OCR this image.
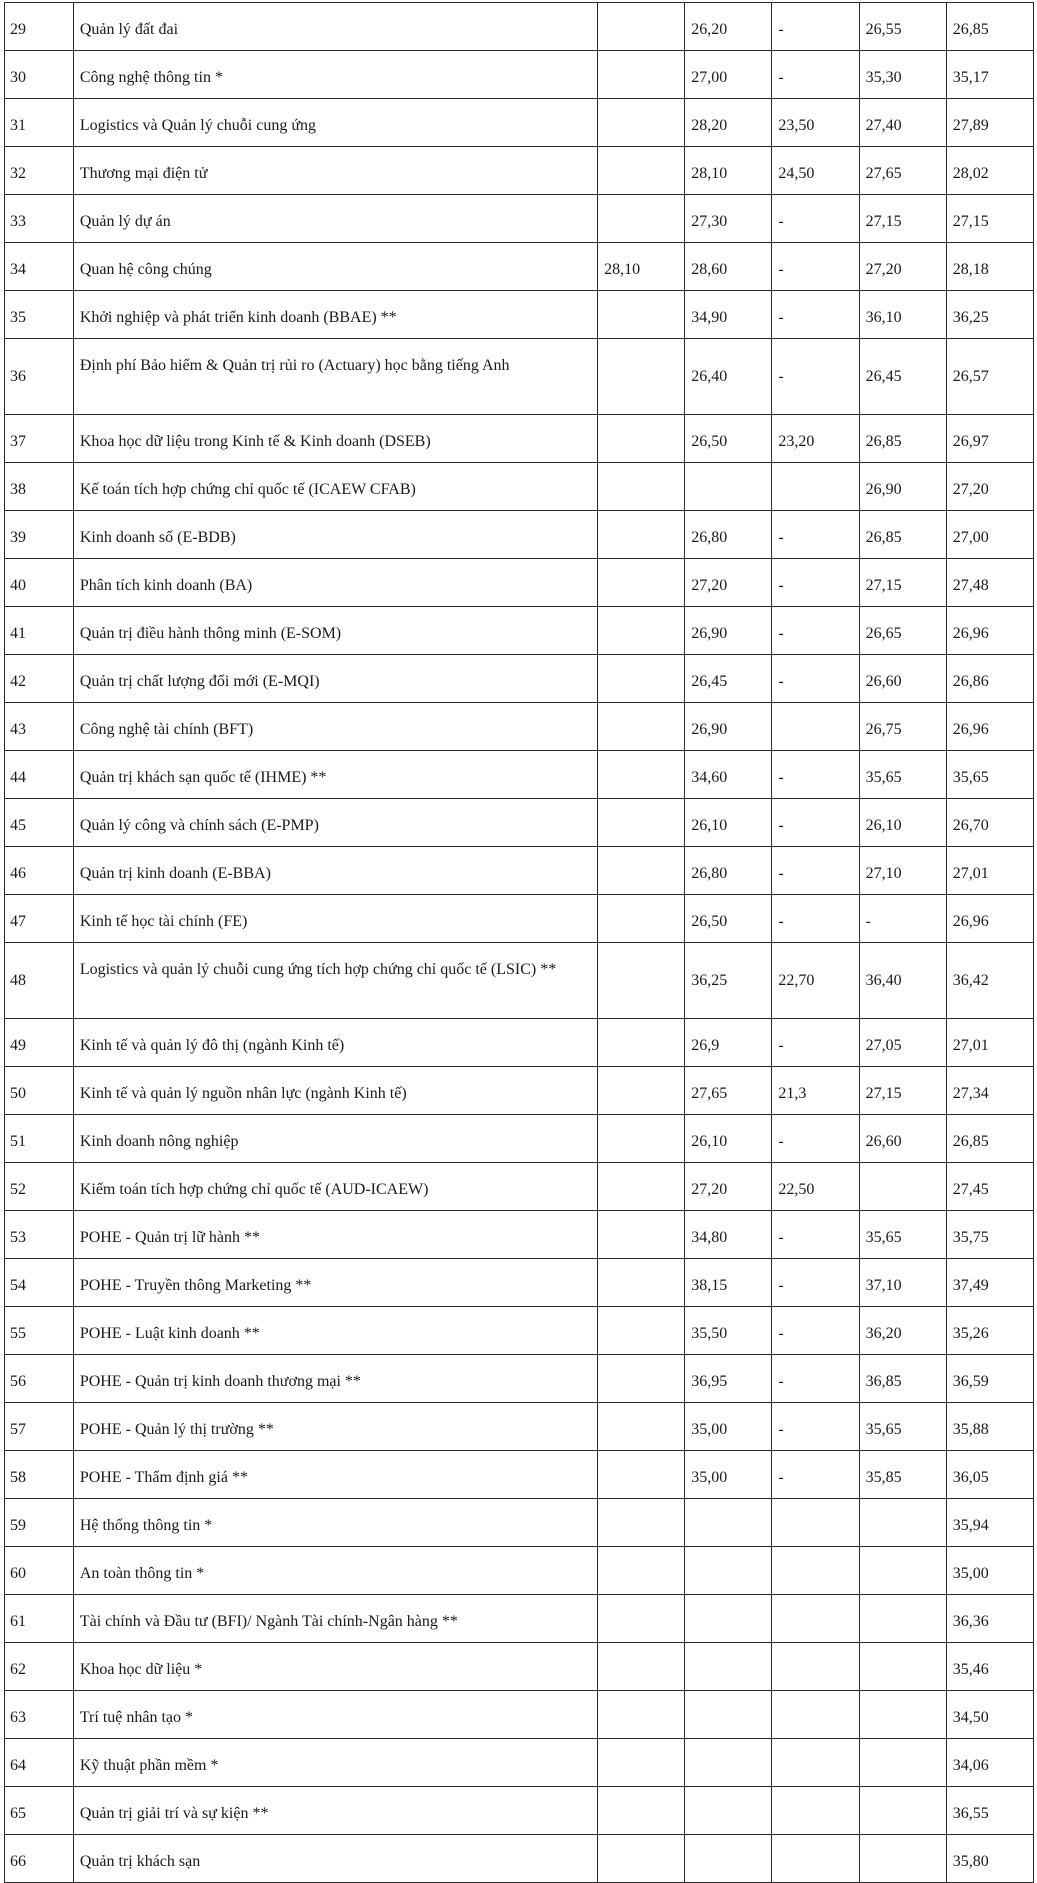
29	Quản lý đất đai		26,20	-	26,55	26,85
30	Công nghệ thông tin *		27,00	-	35,30	35,17
31	Logistics và Quản lý chuỗi cung ứng		28,20	23,50	27,40	27,89
32	Thương mại điện tử		28,10	24,50	27,65	28,02
33	Quản lý dự án		27,30	-	27,15	27,15
34	Quan hệ công chúng	28,10	28,60	-	27,20	28,18
35	Khởi nghiệp và phát triển kinh doanh (BBAE) **		34,90	-	36,10	36,25
36	Định phí Bảo hiểm & Quản trị rủi ro (Actuary) học bằng tiếng Anh		26,40	-	26,45	26,57
37	Khoa học dữ liệu trong Kinh tế & Kinh doanh (DSEB)		26,50	23,20	26,85	26,97
38	Kế toán tích hợp chứng chỉ quốc tế (ICAEW CFAB)				26,90	27,20
39	Kinh doanh số (E-BDB)		26,80	-	26,85	27,00
40	Phân tích kinh doanh (BA)		27,20	-	27,15	27,48
41	Quản trị điều hành thông minh (E-SOM)		26,90	-	26,65	26,96
42	Quản trị chất lượng đổi mới (E-MQI)		26,45	-	26,60	26,86
43	Công nghệ tài chính (BFT)		26,90		26,75	26,96
44	Quản trị khách sạn quốc tế (IHME) **		34,60	-	35,65	35,65
45	Quản lý công và chính sách (E-PMP)		26,10	-	26,10	26,70
46	Quản trị kinh doanh (E-BBA)		26,80	-	27,10	27,01
47	Kinh tế học tài chính (FE)		26,50	-	-	26,96
48	Logistics và quản lý chuỗi cung ứng tích hợp chứng chỉ quốc tế (LSIC) **		36,25	22,70	36,40	36,42
49	Kinh tế và quản lý đô thị (ngành Kinh tế)		26,9	-	27,05	27,01
50	Kinh tế và quản lý nguồn nhân lực (ngành Kinh tế)		27,65	21,3	27,15	27,34
51	Kinh doanh nông nghiệp		26,10	-	26,60	26,85
52	Kiểm toán tích hợp chứng chỉ quốc tế (AUD-ICAEW)		27,20	22,50		27,45
53	POHE - Quản trị lữ hành **		34,80	-	35,65	35,75
54	POHE - Truyền thông Marketing **		38,15	-	37,10	37,49
55	POHE - Luật kinh doanh **		35,50	-	36,20	35,26
56	POHE - Quản trị kinh doanh thương mại **		36,95	-	36,85	36,59
57	POHE - Quản lý thị trường **		35,00	-	35,65	35,88
58	POHE - Thẩm định giá **		35,00	-	35,85	36,05
59	Hệ thống thông tin *					35,94
60	An toàn thông tin *					35,00
61	Tài chính và Đầu tư (BFI)/ Ngành Tài chính-Ngân hàng **					36,36
62	Khoa học dữ liệu *					35,46
63	Trí tuệ nhân tạo *					34,50
64	Kỹ thuật phần mềm *					34,06
65	Quản trị giải trí và sự kiện **					36,55
66	Quản trị khách sạn					35,80
